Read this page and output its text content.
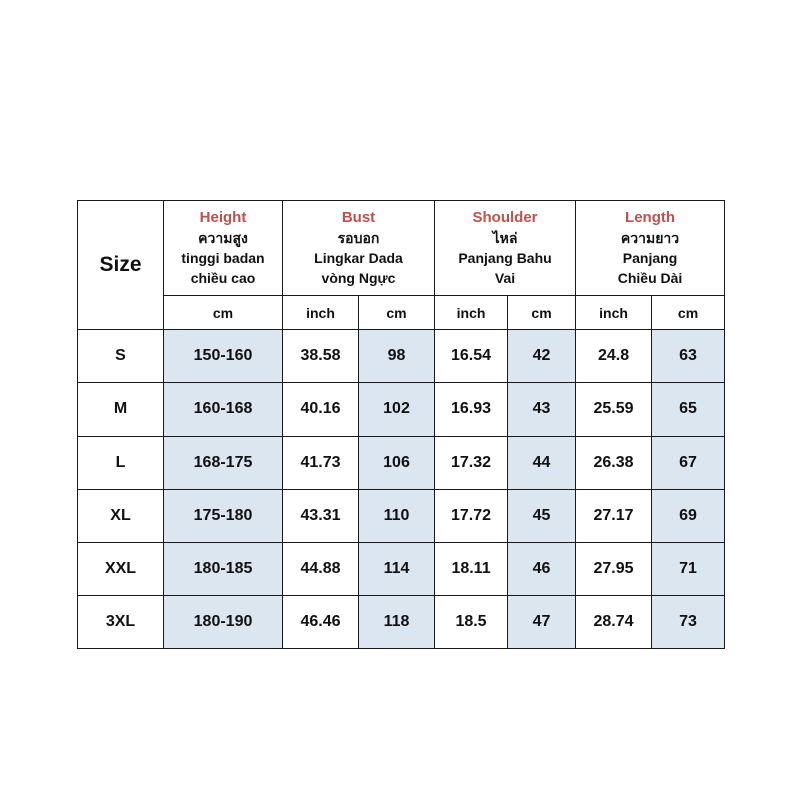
Size	Height
ความสูง
tinggi badan
chiều cao	Bust
รอบอก
Lingkar Dada
vòng Ngực		Shoulder
ไหล่
Panjang Bahu
Vai		Length
ความยาว
Panjang
Chiều Dài	

	cm	inch	cm	inch	cm	inch	cm
S	150-160	38.58	98	16.54	42	24.8	63
M	160-168	40.16	102	16.93	43	25.59	65
L	168-175	41.73	106	17.32	44	26.38	67
XL	175-180	43.31	110	17.72	45	27.17	69
XXL	180-185	44.88	114	18.11	46	27.95	71
3XL	180-190	46.46	118	18.5	47	28.74	73
